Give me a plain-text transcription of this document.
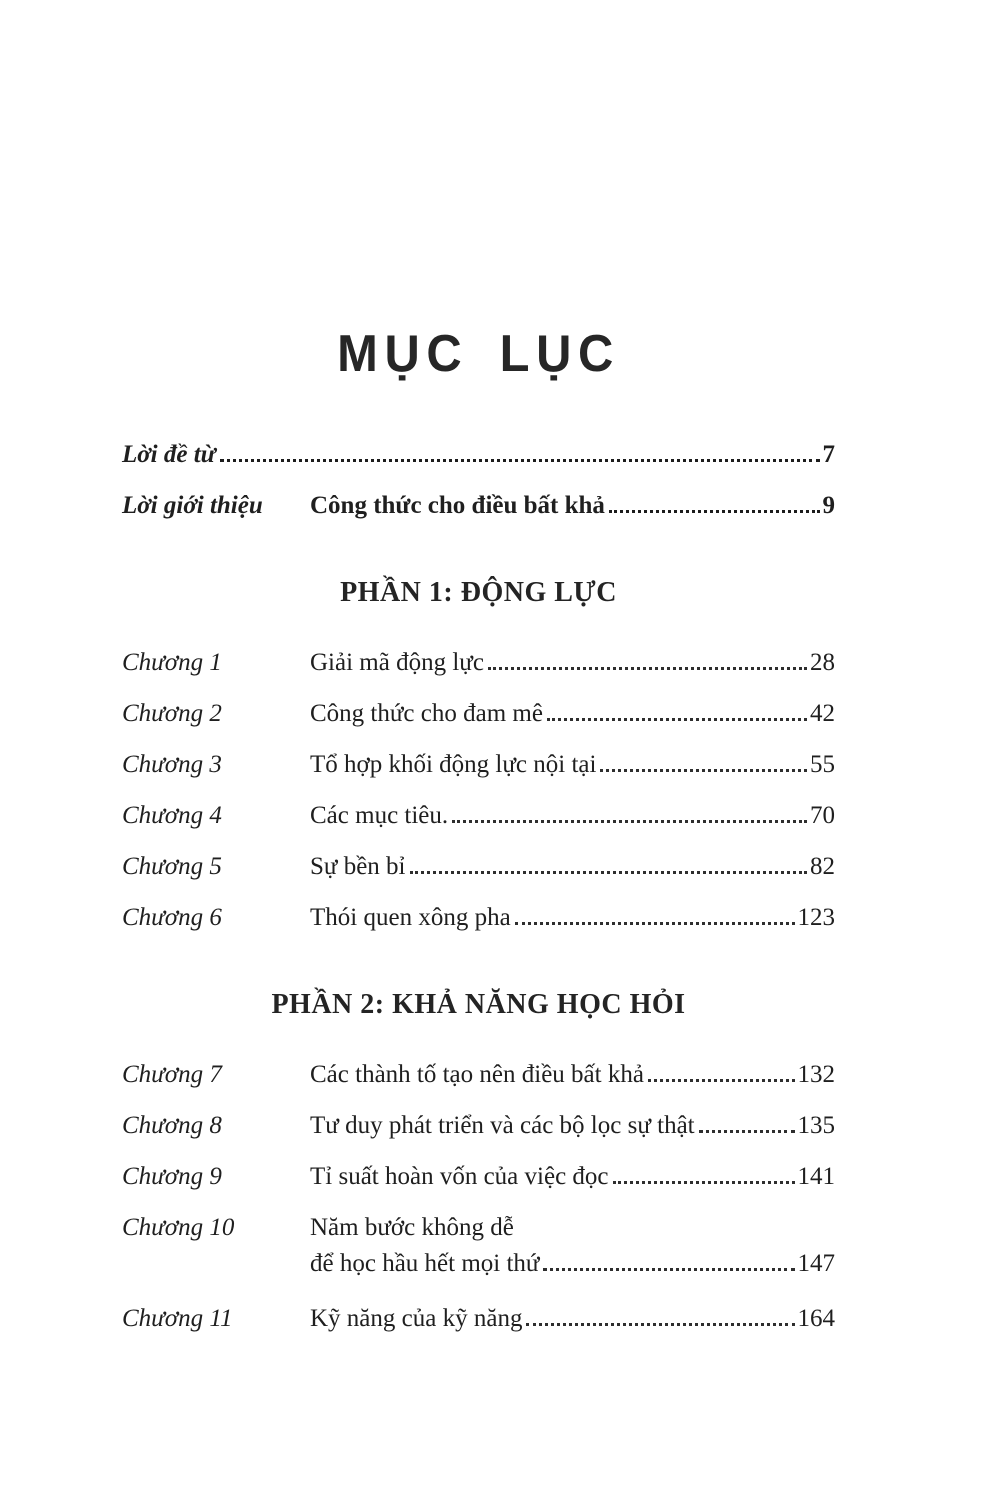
MỤC LỤC
Lời đề từ	7
Lời giới thiệu	Công thức cho điều bất khả	9
PHẦN 1: ĐỘNG LỰC
Chương 1	Giải mã động lực	28
Chương 2	Công thức cho đam mê	42
Chương 3	Tổ hợp khối động lực nội tại	55
Chương 4	Các mục tiêu.	70
Chương 5	Sự bền bỉ	82
Chương 6	Thói quen xông pha	123
PHẦN 2: KHẢ NĂNG HỌC HỎI
Chương 7	Các thành tố tạo nên điều bất khả	132
Chương 8	Tư duy phát triển và các bộ lọc sự thật	135
Chương 9	Tỉ suất hoàn vốn của việc đọc	141
Chương 10	Năm bước không dễ
để học hầu hết mọi thứ	147
Chương 11	Kỹ năng của kỹ năng	164
